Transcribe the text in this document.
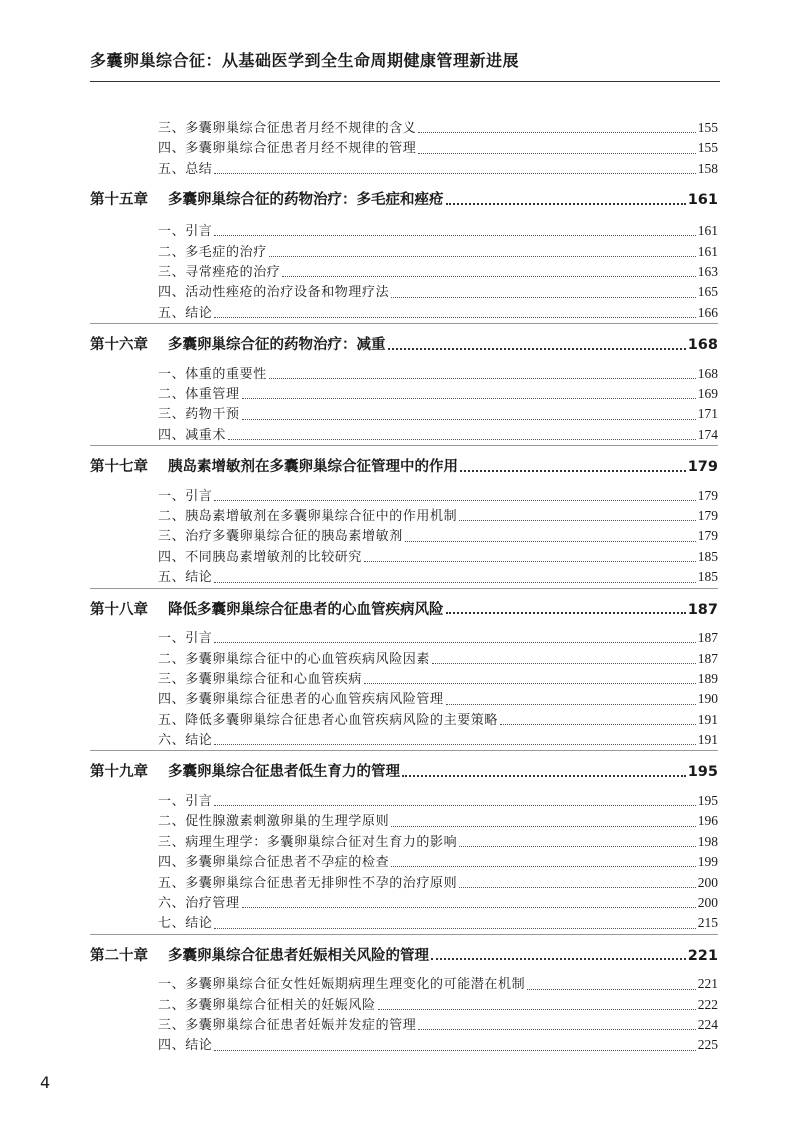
多囊卵巢综合征：从基础医学到全生命周期健康管理新进展
三、多囊卵巢综合征患者月经不规律的含义	155
四、多囊卵巢综合征患者月经不规律的管理	155
五、总结	158
第十五章 多囊卵巢综合征的药物治疗：多毛症和痤疮	161
一、引言	161
二、多毛症的治疗	161
三、寻常痤疮的治疗	163
四、活动性痤疮的治疗设备和物理疗法	165
五、结论	166
第十六章 多囊卵巢综合征的药物治疗：减重	168
一、体重的重要性	168
二、体重管理	169
三、药物干预	171
四、减重术	174
第十七章 胰岛素增敏剂在多囊卵巢综合征管理中的作用	179
一、引言	179
二、胰岛素增敏剂在多囊卵巢综合征中的作用机制	179
三、治疗多囊卵巢综合征的胰岛素增敏剂	179
四、不同胰岛素增敏剂的比较研究	185
五、结论	185
第十八章 降低多囊卵巢综合征患者的心血管疾病风险	187
一、引言	187
二、多囊卵巢综合征中的心血管疾病风险因素	187
三、多囊卵巢综合征和心血管疾病	189
四、多囊卵巢综合征患者的心血管疾病风险管理	190
五、降低多囊卵巢综合征患者心血管疾病风险的主要策略	191
六、结论	191
第十九章 多囊卵巢综合征患者低生育力的管理	195
一、引言	195
二、促性腺激素刺激卵巢的生理学原则	196
三、病理生理学：多囊卵巢综合征对生育力的影响	198
四、多囊卵巢综合征患者不孕症的检查	199
五、多囊卵巢综合征患者无排卵性不孕的治疗原则	200
六、治疗管理	200
七、结论	215
第二十章 多囊卵巢综合征患者妊娠相关风险的管理	221
一、多囊卵巢综合征女性妊娠期病理生理变化的可能潜在机制	221
二、多囊卵巢综合征相关的妊娠风险	222
三、多囊卵巢综合征患者妊娠并发症的管理	224
四、结论	225
4
